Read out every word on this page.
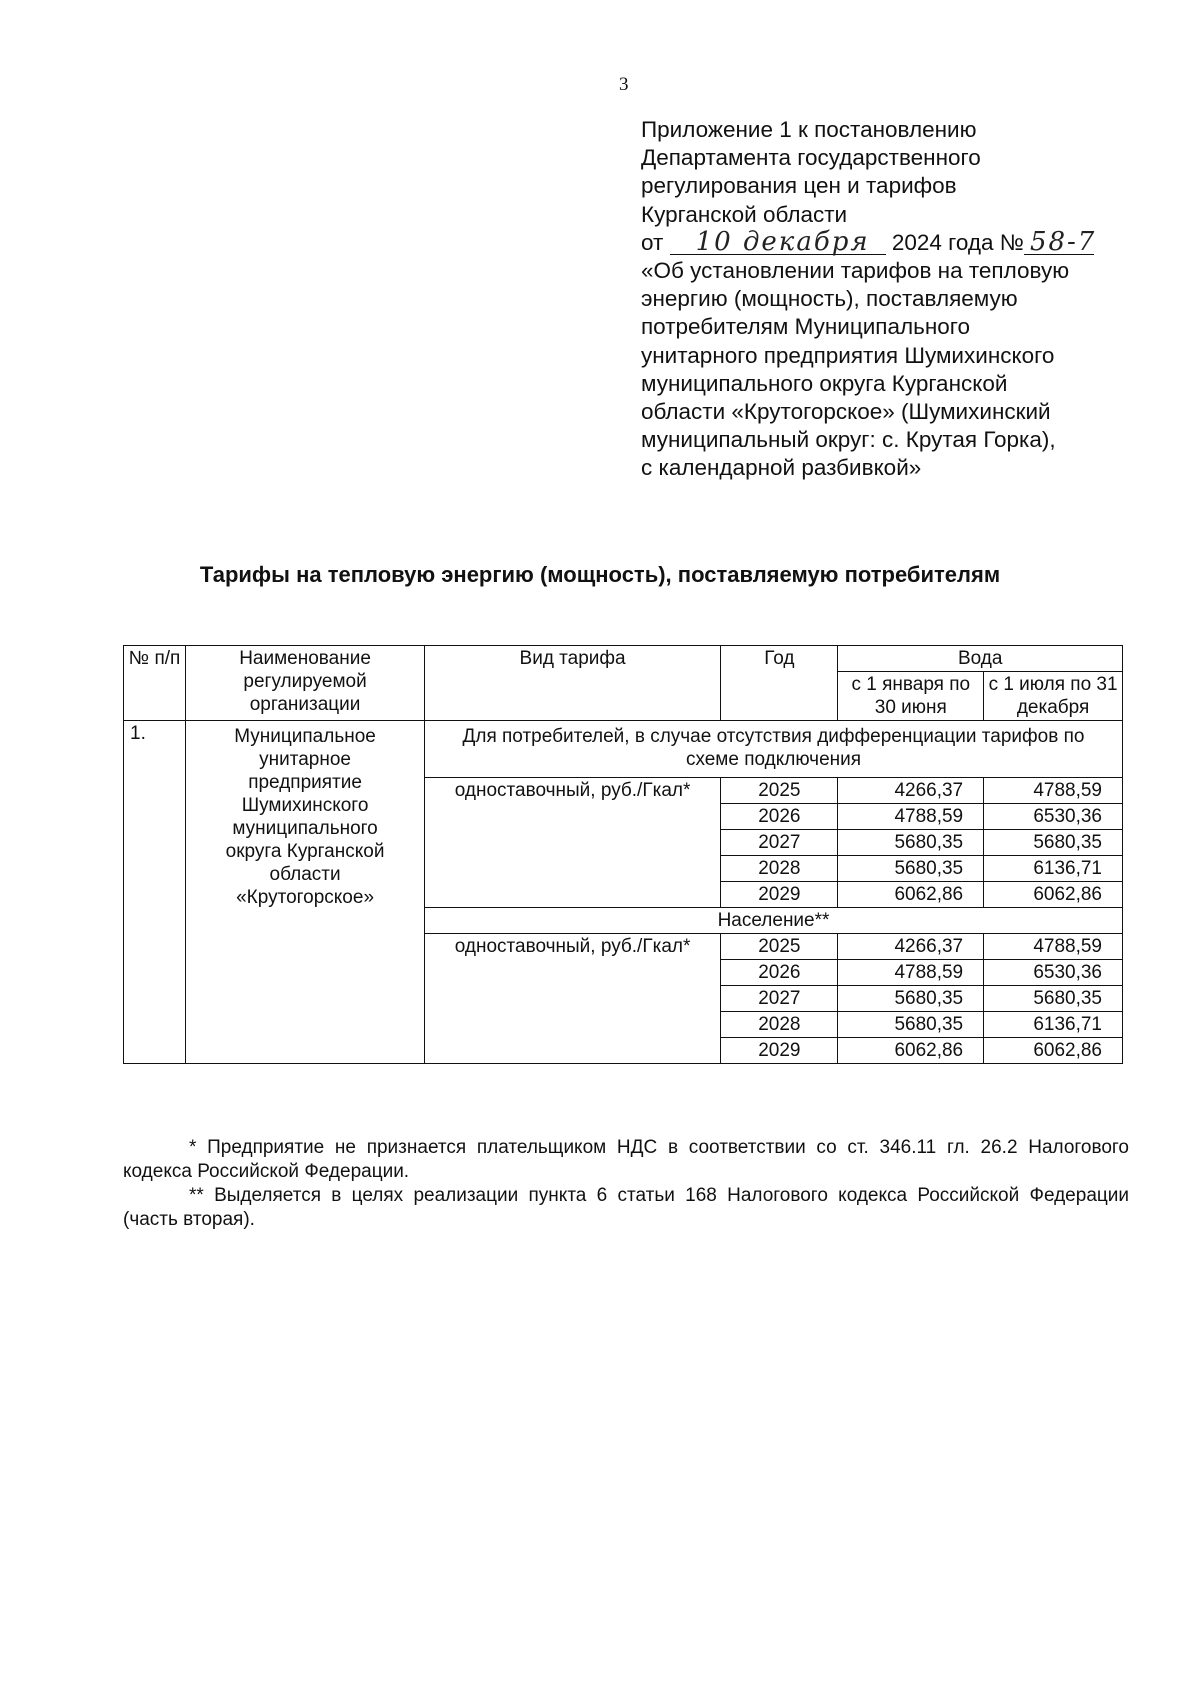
3
Приложение 1 к постановлению
Департамента государственного
регулирования цен и тарифов
Курганской области
от 10 декабря 2024 года № 58-7
«Об установлении тарифов на тепловую
энергию (мощность), поставляемую
потребителям Муниципального
унитарного предприятия Шумихинского
муниципального округа Курганской
области «Крутогорское» (Шумихинский
муниципальный округ: с. Крутая Горка),
с календарной разбивкой»
Тарифы на тепловую энергию (мощность), поставляемую потребителям
№ п/п	Наименование регулируемой организации	Вид тарифа	Год	Вода	
				с 1 января по 30 июня	с 1 июля по 31 декабря
1.	Муниципальное унитарное предприятие Шумихинского муниципального округа Курганской области «Крутогорское»	Для потребителей, в случае отсутствия дифференциации тарифов по схеме подключения			
		одноставочный, руб./Гкал*	2025	4266,37	4788,59
			2026	4788,59	6530,36
			2027	5680,35	5680,35
			2028	5680,35	6136,71
			2029	6062,86	6062,86
		Население**			
		одноставочный, руб./Гкал*	2025	4266,37	4788,59
			2026	4788,59	6530,36
			2027	5680,35	5680,35
			2028	5680,35	6136,71
			2029	6062,86	6062,86

* Предприятие не признается плательщиком НДС в соответствии со ст. 346.11 гл. 26.2 Налогового кодекса Российской Федерации.

** Выделяется в целях реализации пункта 6 статьи 168 Налогового кодекса Российской Федерации (часть вторая).
